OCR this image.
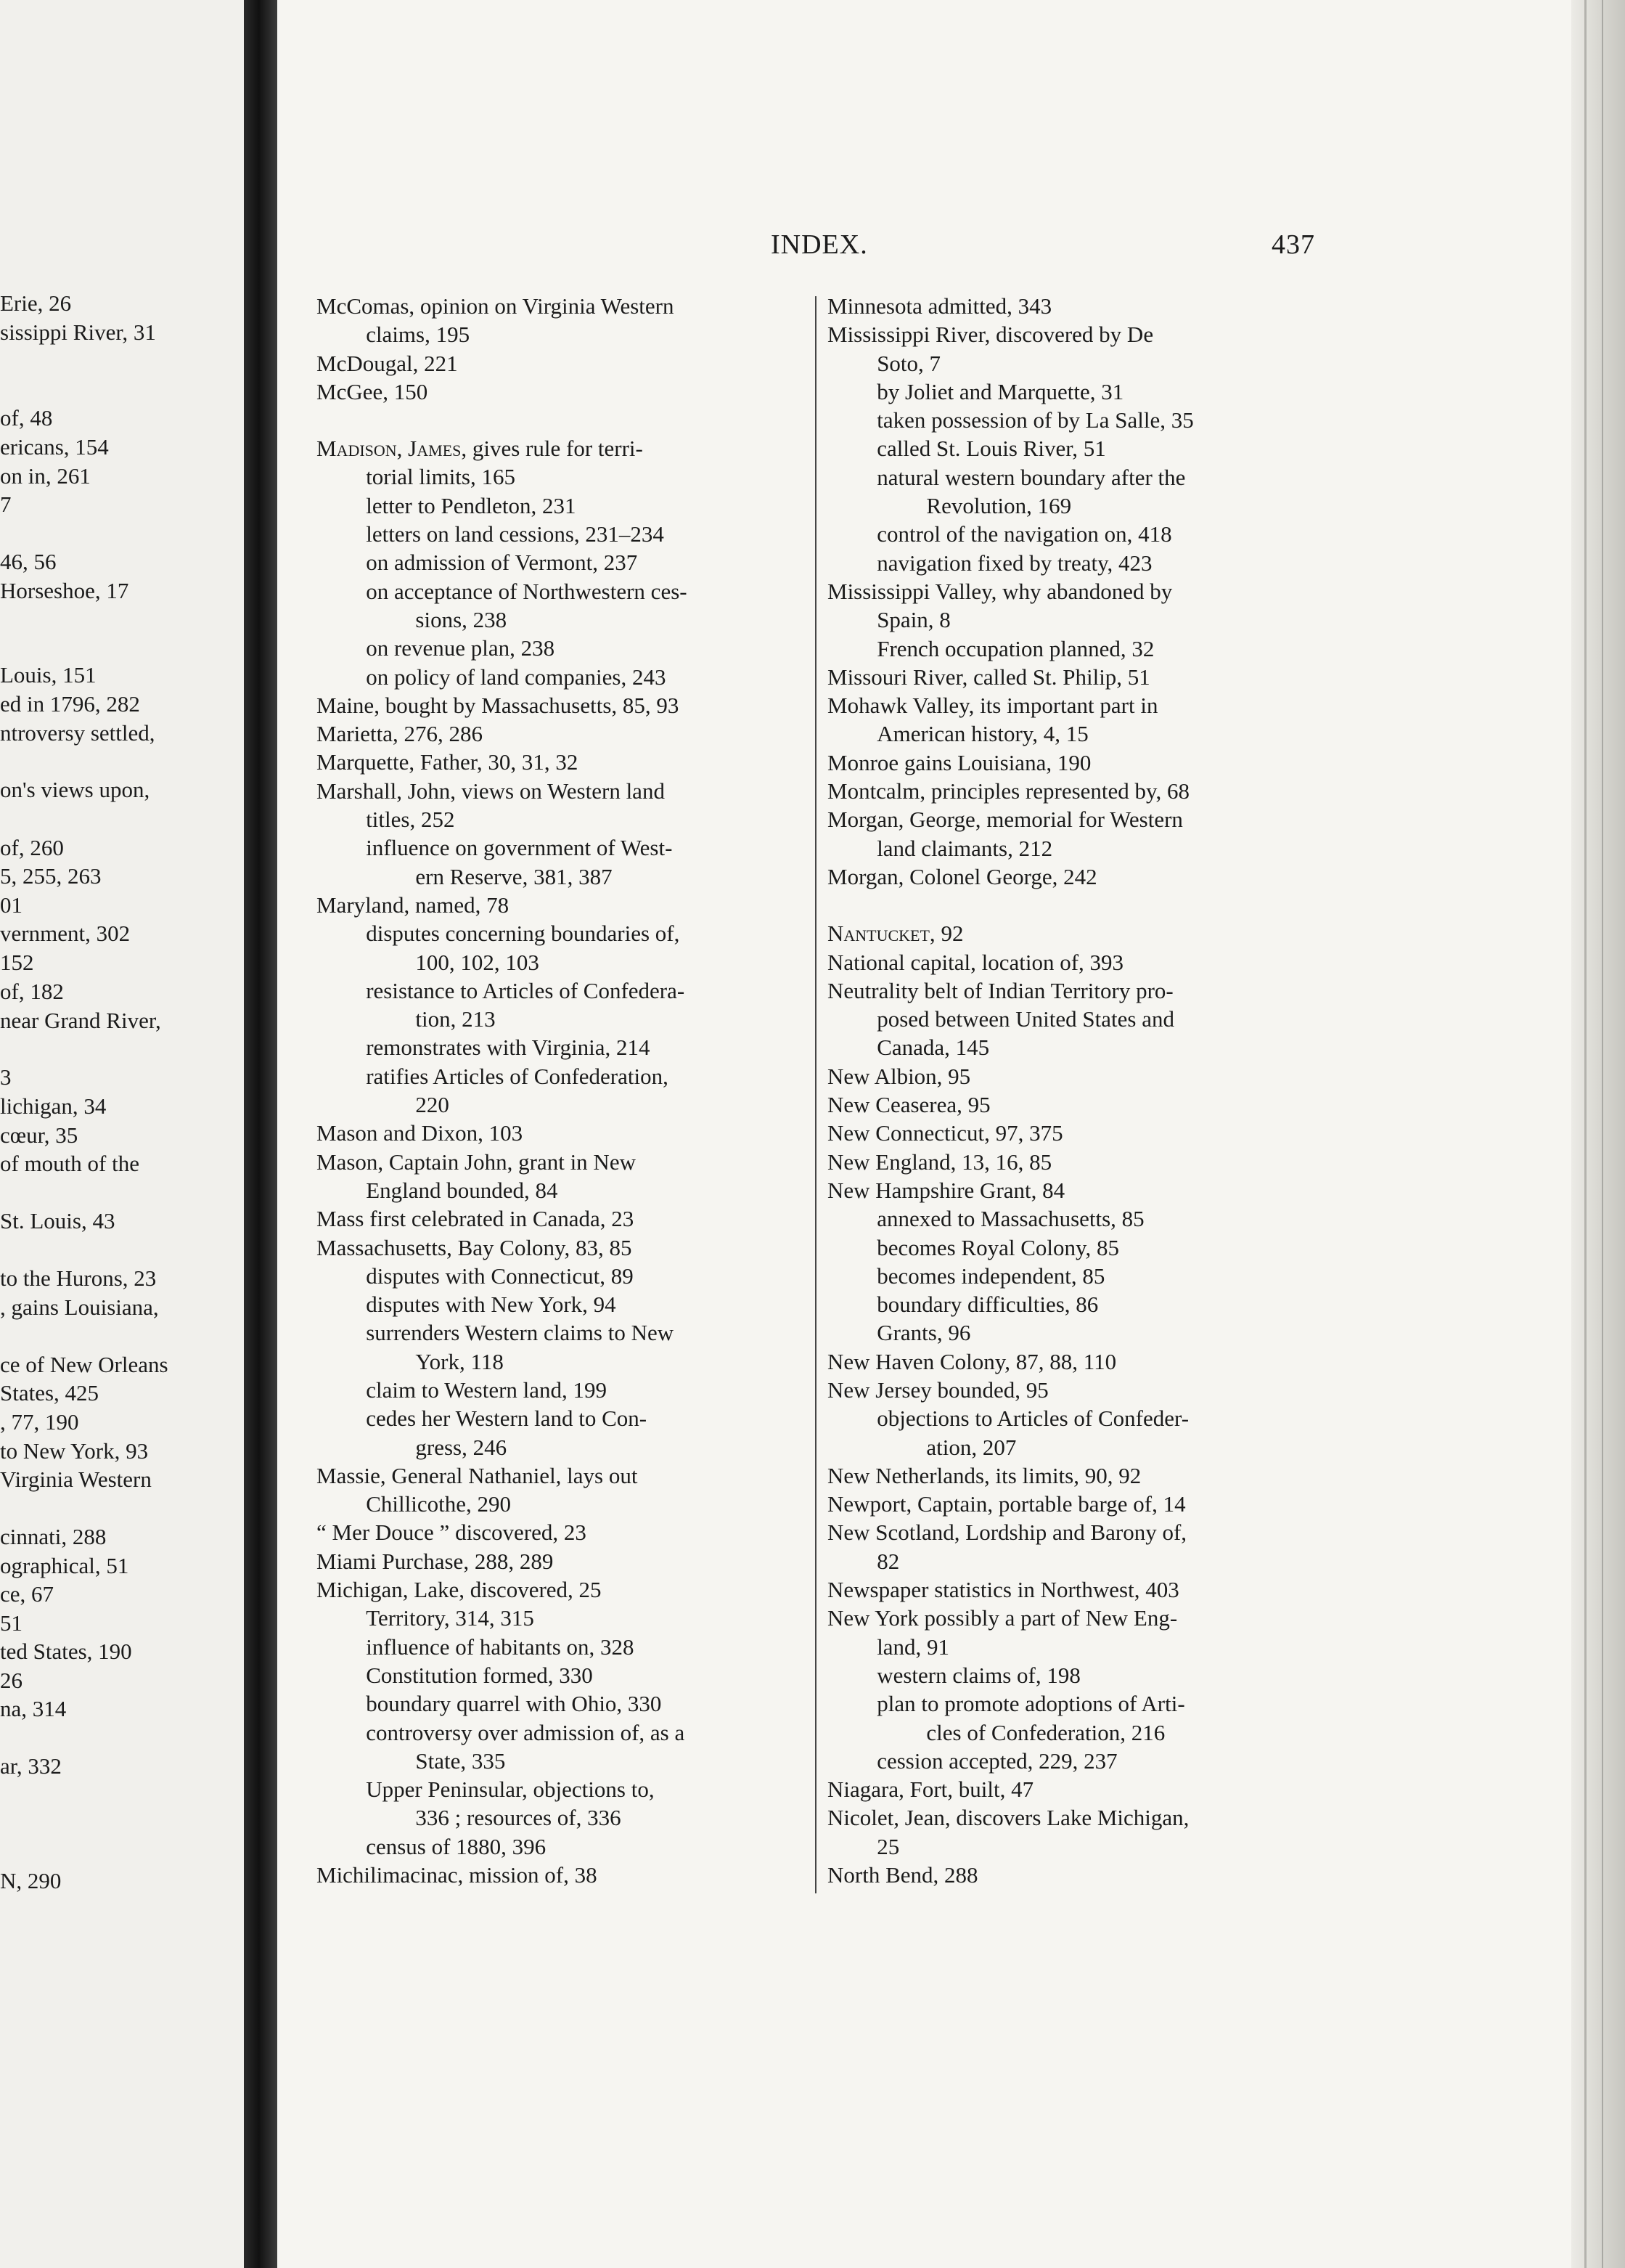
Erie, 26
sissippi River, 31
of, 48
ericans, 154
on in, 261
7
46, 56
Horseshoe, 17
Louis, 151
ed in 1796, 282
ntroversy settled,
on's views upon,
of, 260
5, 255, 263
01
vernment, 302
152
of, 182
near Grand River,
3
lichigan, 34
cœur, 35
of mouth of the
St. Louis, 43
to the Hurons, 23
, gains Louisiana,
ce of New Orleans
States, 425
, 77, 190
to New York, 93
Virginia Western
cinnati, 288
ographical, 51
ce, 67
51
ted States, 190
26
na, 314
ar, 332
N, 290
INDEX.	437
McComas, opinion on Virginia Western
claims, 195
McDougal, 221
McGee, 150
Madison, James, gives rule for terri-
torial limits, 165
letter to Pendleton, 231
letters on land cessions, 231–234
on admission of Vermont, 237
on acceptance of Northwestern ces-
sions, 238
on revenue plan, 238
on policy of land companies, 243
Maine, bought by Massachusetts, 85, 93
Marietta, 276, 286
Marquette, Father, 30, 31, 32
Marshall, John, views on Western land
titles, 252
influence on government of West-
ern Reserve, 381, 387
Maryland, named, 78
disputes concerning boundaries of,
100, 102, 103
resistance to Articles of Confedera-
tion, 213
remonstrates with Virginia, 214
ratifies Articles of Confederation,
220
Mason and Dixon, 103
Mason, Captain John, grant in New
England bounded, 84
Mass first celebrated in Canada, 23
Massachusetts, Bay Colony, 83, 85
disputes with Connecticut, 89
disputes with New York, 94
surrenders Western claims to New
York, 118
claim to Western land, 199
cedes her Western land to Con-
gress, 246
Massie, General Nathaniel, lays out
Chillicothe, 290
“ Mer Douce ” discovered, 23
Miami Purchase, 288, 289
Michigan, Lake, discovered, 25
Territory, 314, 315
influence of habitants on, 328
Constitution formed, 330
boundary quarrel with Ohio, 330
controversy over admission of, as a
State, 335
Upper Peninsular, objections to,
336 ; resources of, 336
census of 1880, 396
Michilimacinac, mission of, 38
Minnesota admitted, 343
Mississippi River, discovered by De
Soto, 7
by Joliet and Marquette, 31
taken possession of by La Salle, 35
called St. Louis River, 51
natural western boundary after the
Revolution, 169
control of the navigation on, 418
navigation fixed by treaty, 423
Mississippi Valley, why abandoned by
Spain, 8
French occupation planned, 32
Missouri River, called St. Philip, 51
Mohawk Valley, its important part in
American history, 4, 15
Monroe gains Louisiana, 190
Montcalm, principles represented by, 68
Morgan, George, memorial for Western
land claimants, 212
Morgan, Colonel George, 242
Nantucket, 92
National capital, location of, 393
Neutrality belt of Indian Territory pro-
posed between United States and
Canada, 145
New Albion, 95
New Ceaserea, 95
New Connecticut, 97, 375
New England, 13, 16, 85
New Hampshire Grant, 84
annexed to Massachusetts, 85
becomes Royal Colony, 85
becomes independent, 85
boundary difficulties, 86
Grants, 96
New Haven Colony, 87, 88, 110
New Jersey bounded, 95
objections to Articles of Confeder-
ation, 207
New Netherlands, its limits, 90, 92
Newport, Captain, portable barge of, 14
New Scotland, Lordship and Barony of,
82
Newspaper statistics in Northwest, 403
New York possibly a part of New Eng-
land, 91
western claims of, 198
plan to promote adoptions of Arti-
cles of Confederation, 216
cession accepted, 229, 237
Niagara, Fort, built, 47
Nicolet, Jean, discovers Lake Michigan,
25
North Bend, 288
